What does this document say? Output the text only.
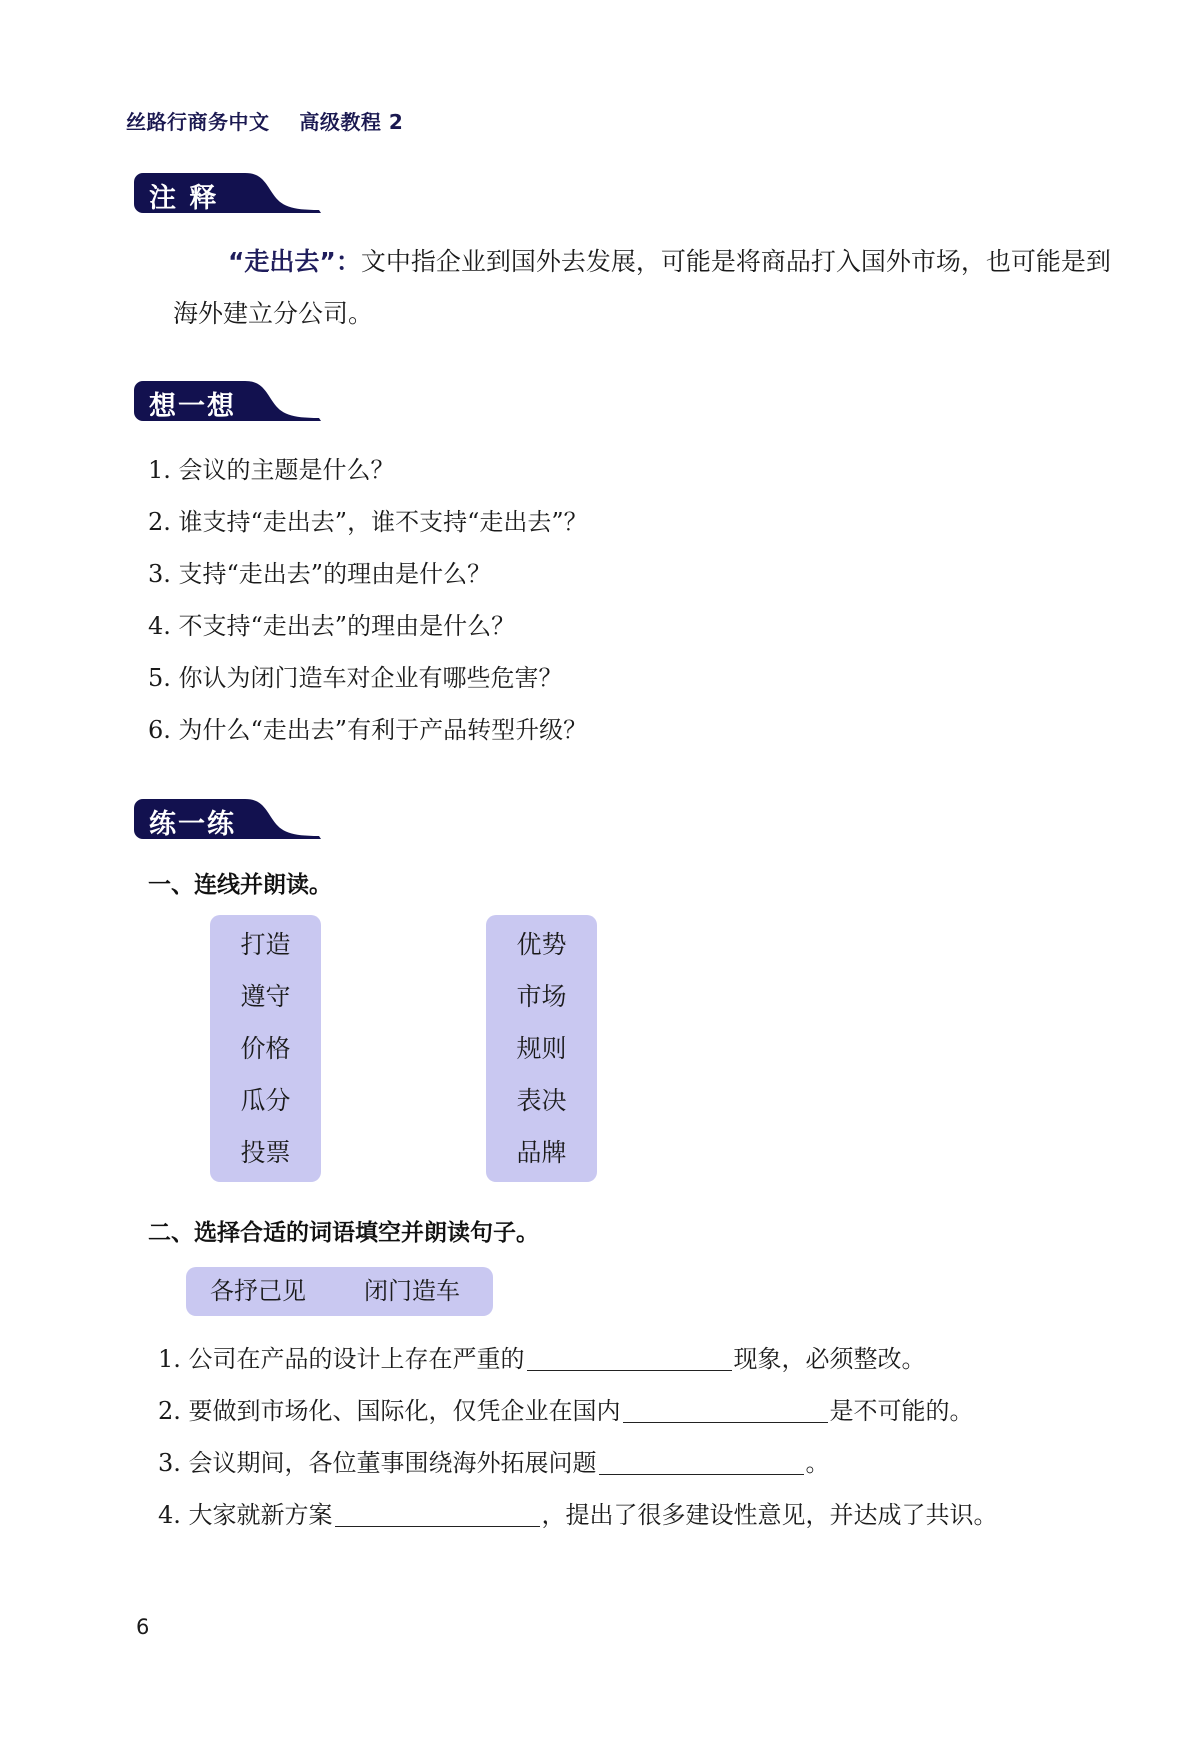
丝路行商务中文 高级教程 2
注 释
“走出去”：文中指企业到国外去发展，可能是将商品打入国外市场，也可能是到海外建立分公司。
想一想
1. 会议的主题是什么？
2. 谁支持“走出去”，谁不支持“走出去”？
3. 支持“走出去”的理由是什么？
4. 不支持“走出去”的理由是什么？
5. 你认为闭门造车对企业有哪些危害？
6. 为什么“走出去”有利于产品转型升级？
练一练
一、连线并朗读。
打造
遵守
价格
瓜分
投票
优势
市场
规则
表决
品牌
二、选择合适的词语填空并朗读句子。
各抒己见 闭门造车
1. 公司在产品的设计上存在严重的	现象，必须整改。
2. 要做到市场化、国际化，仅凭企业在国内	是不可能的。
3. 会议期间，各位董事围绕海外拓展问题	。
4. 大家就新方案	，提出了很多建设性意见，并达成了共识。
6
